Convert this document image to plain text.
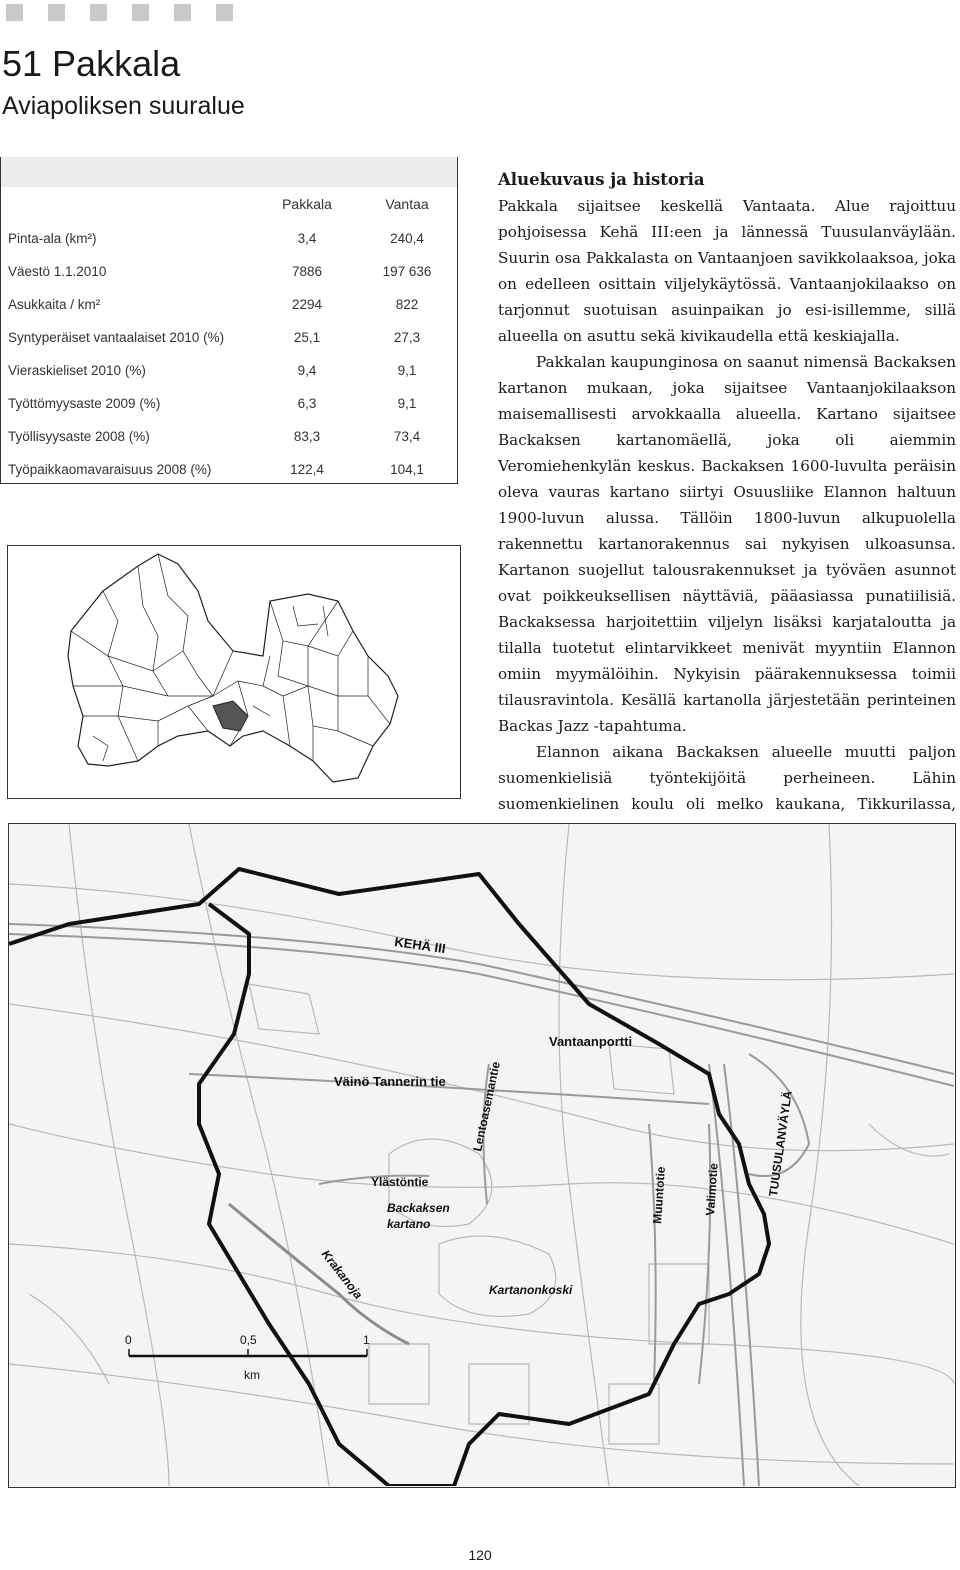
51 Pakkala
Aviapoliksen suuralue
Pakkala	Vantaa
Pinta-ala (km²)	3,4	240,4
Väestö 1.1.2010	7886	197 636
Asukkaita / km²	2294	822
Syntyperäiset vantaalaiset 2010 (%)	25,1	27,3
Vieraskieliset 2010 (%)	9,4	9,1
Työttömyysaste 2009 (%)	6,3	9,1
Työllisyysaste 2008 (%)	83,3	73,4
Työpaikkaomavaraisuus 2008 (%)	122,4	104,1
Aluekuvaus ja historia

Pakkala sijaitsee keskellä Vantaata. Alue rajoittuu pohjoisessa Kehä III:een ja lännessä Tuusulanväylään. Suurin osa Pakkalasta on Vantaanjoen savikkolaaksoa, joka on edelleen osittain viljelykäytössä. Vantaanjokilaakso on tarjonnut suotuisan asuinpaikan jo esi-isillemme, sillä alueella on asuttu sekä kivikaudella että keskiajalla.

Pakkalan kaupunginosa on saanut nimensä Backaksen kartanon mukaan, joka sijaitsee Vantaanjokilaakson maisemallisesti arvokkaalla alueella. Kartano sijaitsee Backaksen kartanomäellä, joka oli aiemmin Veromiehenkylän keskus. Backaksen 1600-luvulta peräisin oleva vauras kartano siirtyi Osuusliike Elannon haltuun 1900-luvun alussa. Tällöin 1800-luvun alkupuolella rakennettu kartanorakennus sai nykyisen ulkoasunsa. Kartanon suojellut talousrakennukset ja työväen asunnot ovat poikkeuksellisen näyttäviä, pääasiassa punatiilisiä. Backaksessa harjoitettiin viljelyn lisäksi karjataloutta ja tilalla tuotetut elintarvikkeet menivät myyntiin Elannon omiin myymälöihin. Nykyisin päärakennuksessa toimii tilausravintola. Kesällä kartanolla järjestetään perinteinen Backas Jazz -tapahtuma.

Elannon aikana Backaksen alueelle muutti paljon suomenkielisiä työntekijöitä perheineen. Lähin suomenkielinen koulu oli melko kaukana, Tikkurilassa,

KEHÄ III
Vantaanportti
Väinö Tannerin tie Lentoasemantie	TUUSULANVÄYLÄ
Ylästöntie
Backaksen
kartano	Muuntotie	Valimotie
Krakanoja	Kartanonkoski
0	0,5	1
km
120
